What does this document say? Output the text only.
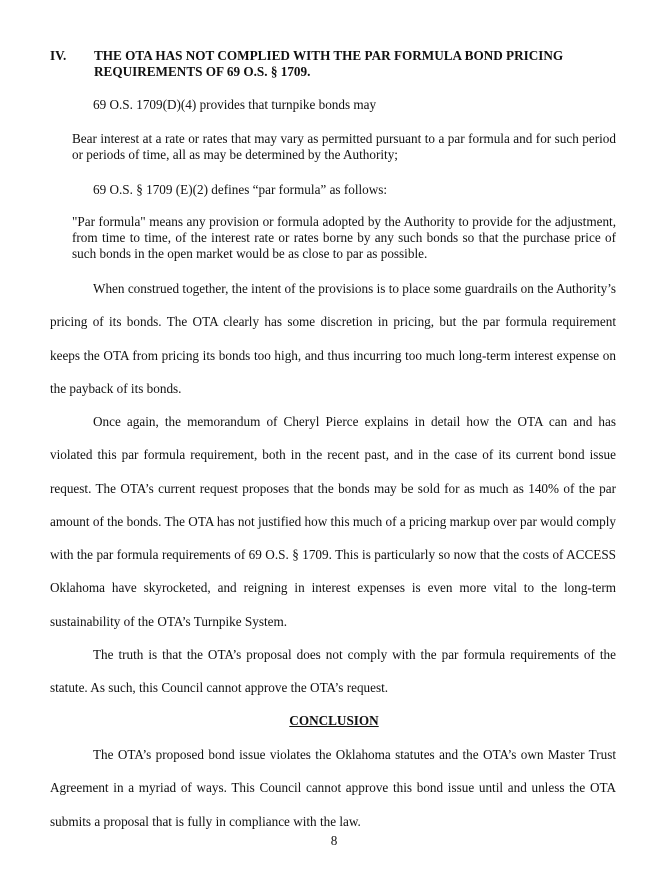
IV. THE OTA HAS NOT COMPLIED WITH THE PAR FORMULA BOND PRICING REQUIREMENTS OF 69 O.S. § 1709.
69 O.S. 1709(D)(4) provides that turnpike bonds may
Bear interest at a rate or rates that may vary as permitted pursuant to a par formula and for such period or periods of time, all as may be determined by the Authority;
69 O.S. § 1709 (E)(2) defines “par formula” as follows:
"Par formula" means any provision or formula adopted by the Authority to provide for the adjustment, from time to time, of the interest rate or rates borne by any such bonds so that the purchase price of such bonds in the open market would be as close to par as possible.

When construed together, the intent of the provisions is to place some guardrails on the Authority’s pricing of its bonds. The OTA clearly has some discretion in pricing, but the par formula requirement keeps the OTA from pricing its bonds too high, and thus incurring too much long-term interest expense on the payback of its bonds.

Once again, the memorandum of Cheryl Pierce explains in detail how the OTA can and has violated this par formula requirement, both in the recent past, and in the case of its current bond issue request. The OTA’s current request proposes that the bonds may be sold for as much as 140% of the par amount of the bonds. The OTA has not justified how this much of a pricing markup over par would comply with the par formula requirements of 69 O.S. § 1709. This is particularly so now that the costs of ACCESS Oklahoma have skyrocketed, and reigning in interest expenses is even more vital to the long-term sustainability of the OTA’s Turnpike System.

The truth is that the OTA’s proposal does not comply with the par formula requirements of the statute. As such, this Council cannot approve the OTA’s request.

CONCLUSION

The OTA’s proposed bond issue violates the Oklahoma statutes and the OTA’s own Master Trust Agreement in a myriad of ways. This Council cannot approve this bond issue until and unless the OTA submits a proposal that is fully in compliance with the law.

8
